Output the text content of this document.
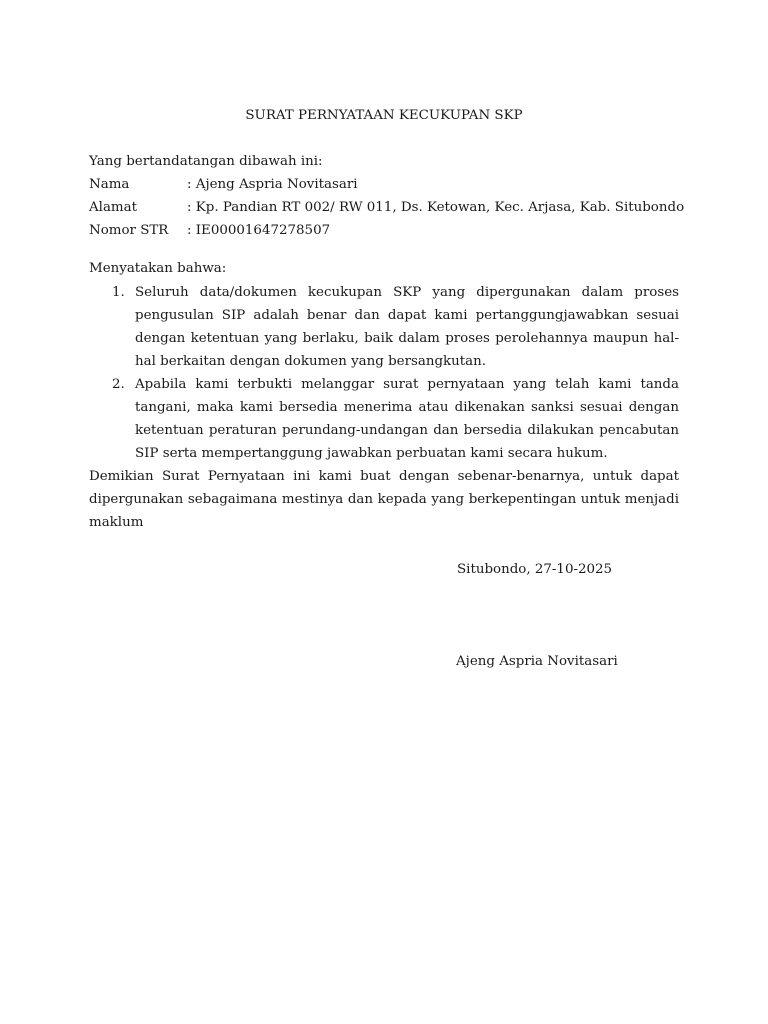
SURAT PERNYATAAN KECUKUPAN SKP
Yang bertandatangan dibawah ini:
Nama	: Ajeng Aspria Novitasari
Alamat	: Kp. Pandian RT 002/ RW 011, Ds. Ketowan, Kec. Arjasa, Kab. Situbondo
Nomor STR : IE00001647278507
Menyatakan bahwa:
1. Seluruh data/dokumen kecukupan SKP yang dipergunakan dalam proses pengusulan SIP adalah benar dan dapat kami pertanggungjawabkan sesuai dengan ketentuan yang berlaku, baik dalam proses perolehannya maupun hal-hal berkaitan dengan dokumen yang bersangkutan.
2. Apabila kami terbukti melanggar surat pernyataan yang telah kami tanda tangani, maka kami bersedia menerima atau dikenakan sanksi sesuai dengan ketentuan peraturan perundang-undangan dan bersedia dilakukan pencabutan SIP serta mempertanggung jawabkan perbuatan kami secara hukum.
Demikian Surat Pernyataan ini kami buat dengan sebenar-benarnya, untuk dapat dipergunakan sebagaimana mestinya dan kepada yang berkepentingan untuk menjadi maklum
Situbondo, 27-10-2025
Ajeng Aspria Novitasari
